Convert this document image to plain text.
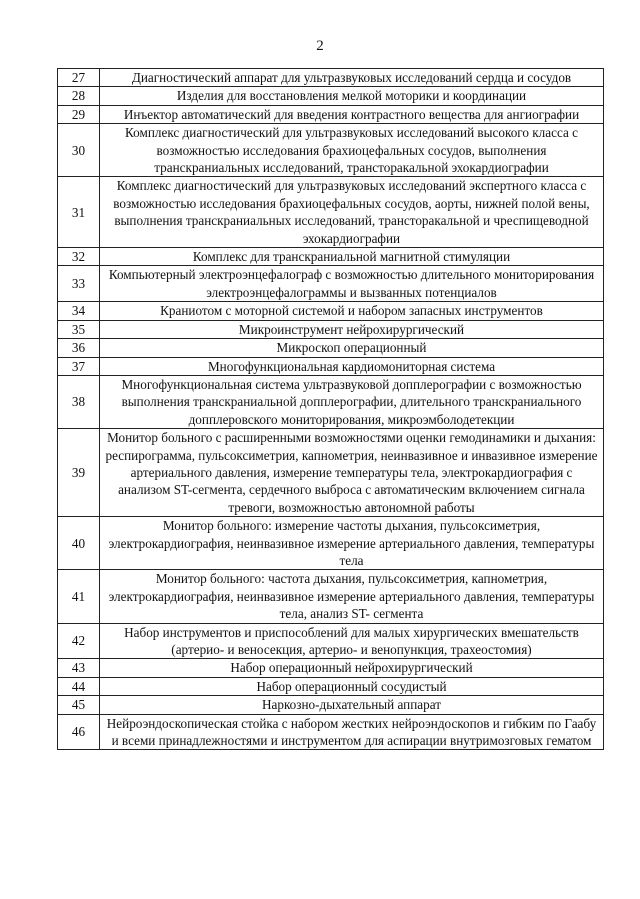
2
27	Диагностический аппарат для ультразвуковых исследований сердца и сосудов
28	Изделия для восстановления мелкой моторики и координации
29	Инъектор автоматический для введения контрастного вещества для ангиографии
30	Комплекс диагностический для ультразвуковых исследований высокого класса с возможностью исследования брахиоцефальных сосудов, выполнения транскраниальных исследований, трансторакальной эхокардиографии
31	Комплекс диагностический для ультразвуковых исследований экспертного класса с возможностью исследования брахиоцефальных сосудов, аорты, нижней полой вены, выполнения транскраниальных исследований, трансторакальной и чреспищеводной эхокардиографии
32	Комплекс для транскраниальной магнитной стимуляции
33	Компьютерный электроэнцефалограф с возможностью длительного мониторирования электроэнцефалограммы и вызванных потенциалов
34	Краниотом с моторной системой и набором запасных инструментов
35	Микроинструмент нейрохирургический
36	Микроскоп операционный
37	Многофункциональная кардиомониторная система
38	Многофункциональная система ультразвуковой допплерографии с возможностью выполнения транскраниальной допплерографии, длительного транскраниального допплеровского мониторирования, микроэмболодетекции
39	Монитор больного с расширенными возможностями оценки гемодинамики и дыхания: респирограмма, пульсоксиметрия, капнометрия, неинвазивное и инвазивное измерение артериального давления, измерение температуры тела, электрокардиография с анализом ST-сегмента, сердечного выброса с автоматическим включением сигнала тревоги, возможностью автономной работы
40	Монитор больного: измерение частоты дыхания, пульсоксиметрия, электрокардиография, неинвазивное измерение артериального давления, температуры тела
41	Монитор больного: частота дыхания, пульсоксиметрия, капнометрия, электрокардиография, неинвазивное измерение артериального давления, температуры тела, анализ ST- сегмента
42	Набор инструментов и приспособлений для малых хирургических вмешательств (артерио- и веносекция, артерио- и венопункция, трахеостомия)
43	Набор операционный нейрохирургический
44	Набор операционный сосудистый
45	Наркозно-дыхательный аппарат
46	Нейроэндоскопическая стойка с набором жестких нейроэндоскопов и гибким по Гаабу и всеми принадлежностями и инструментом для аспирации внутримозговых гематом
